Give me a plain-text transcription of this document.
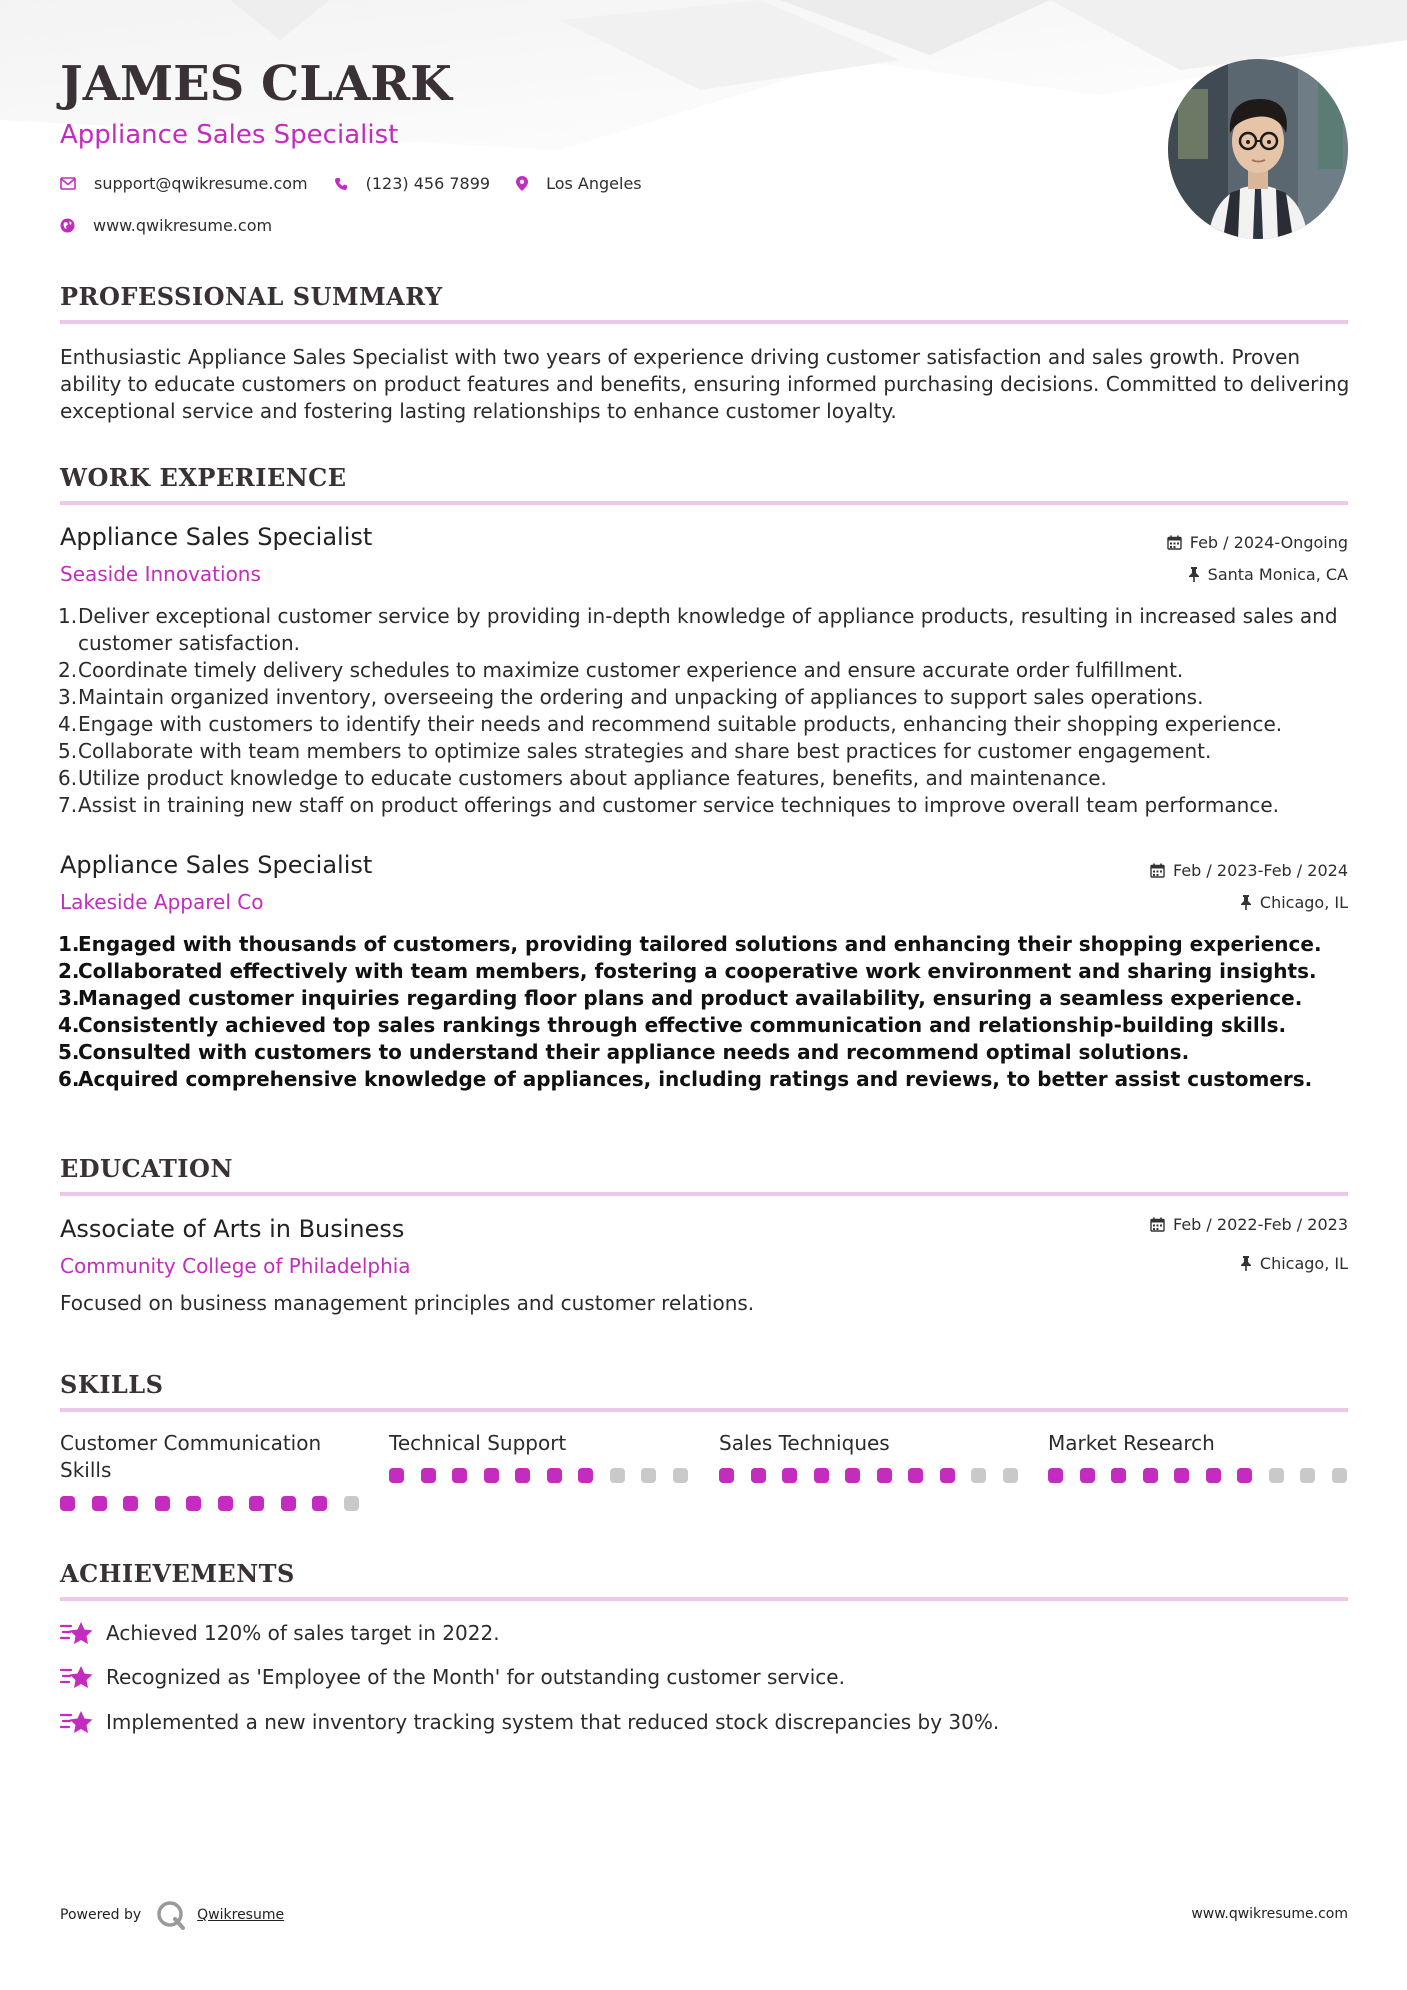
JAMES CLARK
Appliance Sales Specialist
support@qwikresume.com	(123) 456 7899	Los Angeles
www.qwikresume.com
PROFESSIONAL SUMMARY
Enthusiastic Appliance Sales Specialist with two years of experience driving customer satisfaction and sales growth. Proven ability to educate customers on product features and benefits, ensuring informed purchasing decisions. Committed to delivering exceptional service and fostering lasting relationships to enhance customer loyalty.
WORK EXPERIENCE
Appliance Sales Specialist
Seaside Innovations
Feb / 2024-Ongoing
Santa Monica, CA
Deliver exceptional customer service by providing in-depth knowledge of appliance products, resulting in increased sales and customer satisfaction.
Coordinate timely delivery schedules to maximize customer experience and ensure accurate order fulfillment.
Maintain organized inventory, overseeing the ordering and unpacking of appliances to support sales operations.
Engage with customers to identify their needs and recommend suitable products, enhancing their shopping experience.
Collaborate with team members to optimize sales strategies and share best practices for customer engagement.
Utilize product knowledge to educate customers about appliance features, benefits, and maintenance.
Assist in training new staff on product offerings and customer service techniques to improve overall team performance.
Appliance Sales Specialist
Lakeside Apparel Co
Feb / 2023-Feb / 2024
Chicago, IL
Engaged with thousands of customers, providing tailored solutions and enhancing their shopping experience.
Collaborated effectively with team members, fostering a cooperative work environment and sharing insights.
Managed customer inquiries regarding floor plans and product availability, ensuring a seamless experience.
Consistently achieved top sales rankings through effective communication and relationship-building skills.
Consulted with customers to understand their appliance needs and recommend optimal solutions.
Acquired comprehensive knowledge of appliances, including ratings and reviews, to better assist customers.
EDUCATION
Associate of Arts in Business
Community College of Philadelphia
Feb / 2022-Feb / 2023
Chicago, IL
Focused on business management principles and customer relations.
SKILLS
Customer Communication Skills
Technical Support	Sales Techniques	Market Research
ACHIEVEMENTS
Achieved 120% of sales target in 2022.
Recognized as 'Employee of the Month' for outstanding customer service.
Implemented a new inventory tracking system that reduced stock discrepancies by 30%.
Powered by	Qwikresume	www.qwikresume.com
